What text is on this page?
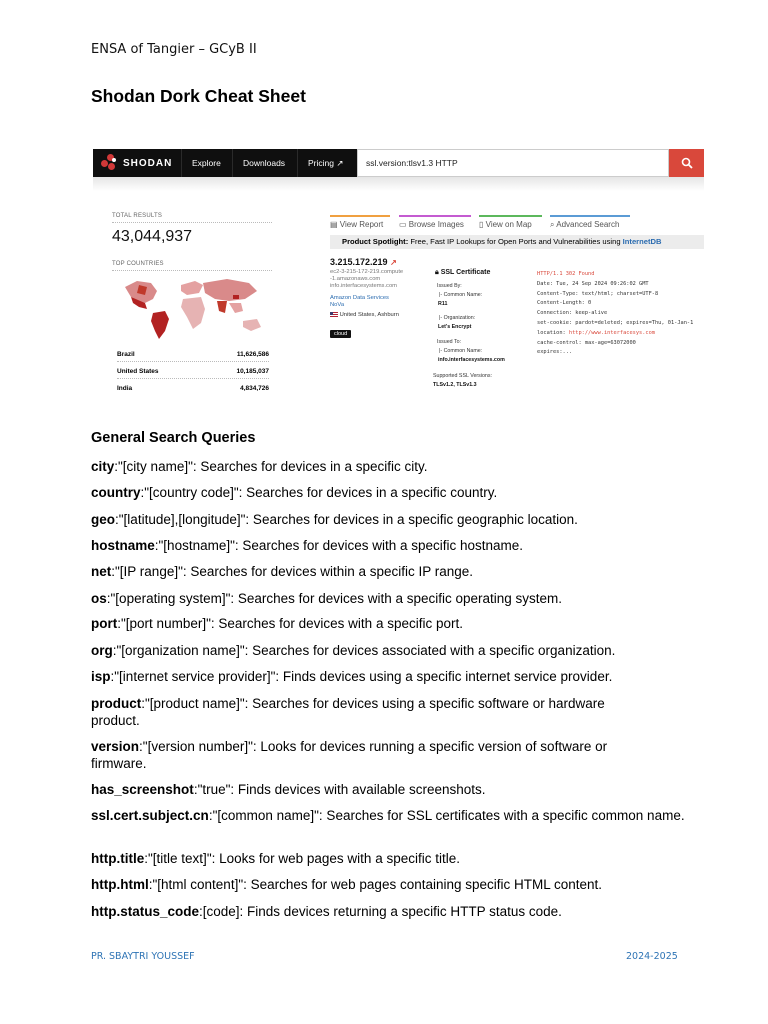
ENSA of Tangier – GCyB II
Shodan Dork Cheat Sheet
SHODAN	Explore	Downloads	Pricing ↗	ssl.version:tlsv1.3 HTTP
TOTAL RESULTS
43,044,937
TOP COUNTRIES
Brazil	11,626,586
United States	10,185,037
India	4,834,726
▤ View Report	▭ Browse Images	▯ View on Map	⌕ Advanced Search
Product Spotlight: Free, Fast IP Lookups for Open Ports and Vulnerabilities using InternetDB
3.215.172.219 ↗
ec2-3-215-172-219.compute
-1.amazonaws.com
info.interfacesystems.com
Amazon Data Services
NoVa
United States, Ashburn
cloud
🔒︎ SSL Certificate
Issued By:
|- Common Name:
R11
|- Organization:
Let's Encrypt
Issued To:
|- Common Name:
info.interfacesystems.com
Supported SSL Versions:
TLSv1.2, TLSv1.3
HTTP/1.1 302 Found
Date: Tue, 24 Sep 2024 09:26:02 GMT
Content-Type: text/html; charset=UTF-8
Content-Length: 0
Connection: keep-alive
set-cookie: pardot=deleted; expires=Thu, 01-Jan-1
location: http://www.interfacesys.com
cache-control: max-age=63072000
expires:...
General Search Queries
city:"[city name]": Searches for devices in a specific city.
country:"[country code]": Searches for devices in a specific country.
geo:"[latitude],[longitude]": Searches for devices in a specific geographic location.
hostname:"[hostname]": Searches for devices with a specific hostname.
net:"[IP range]": Searches for devices within a specific IP range.
os:"[operating system]": Searches for devices with a specific operating system.
port:"[port number]": Searches for devices with a specific port.
org:"[organization name]": Searches for devices associated with a specific organization.
isp:"[internet service provider]": Finds devices using a specific internet service provider.
product:"[product name]": Searches for devices using a specific software or hardware product.
version:"[version number]": Looks for devices running a specific version of software or firmware.
has_screenshot:"true": Finds devices with available screenshots.
ssl.cert.subject.cn:"[common name]": Searches for SSL certificates with a specific common name.
http.title:"[title text]": Looks for web pages with a specific title.
http.html:"[html content]": Searches for web pages containing specific HTML content.
http.status_code:[code]: Finds devices returning a specific HTTP status code.
PR. SBAYTRI YOUSSEF	2024-2025
